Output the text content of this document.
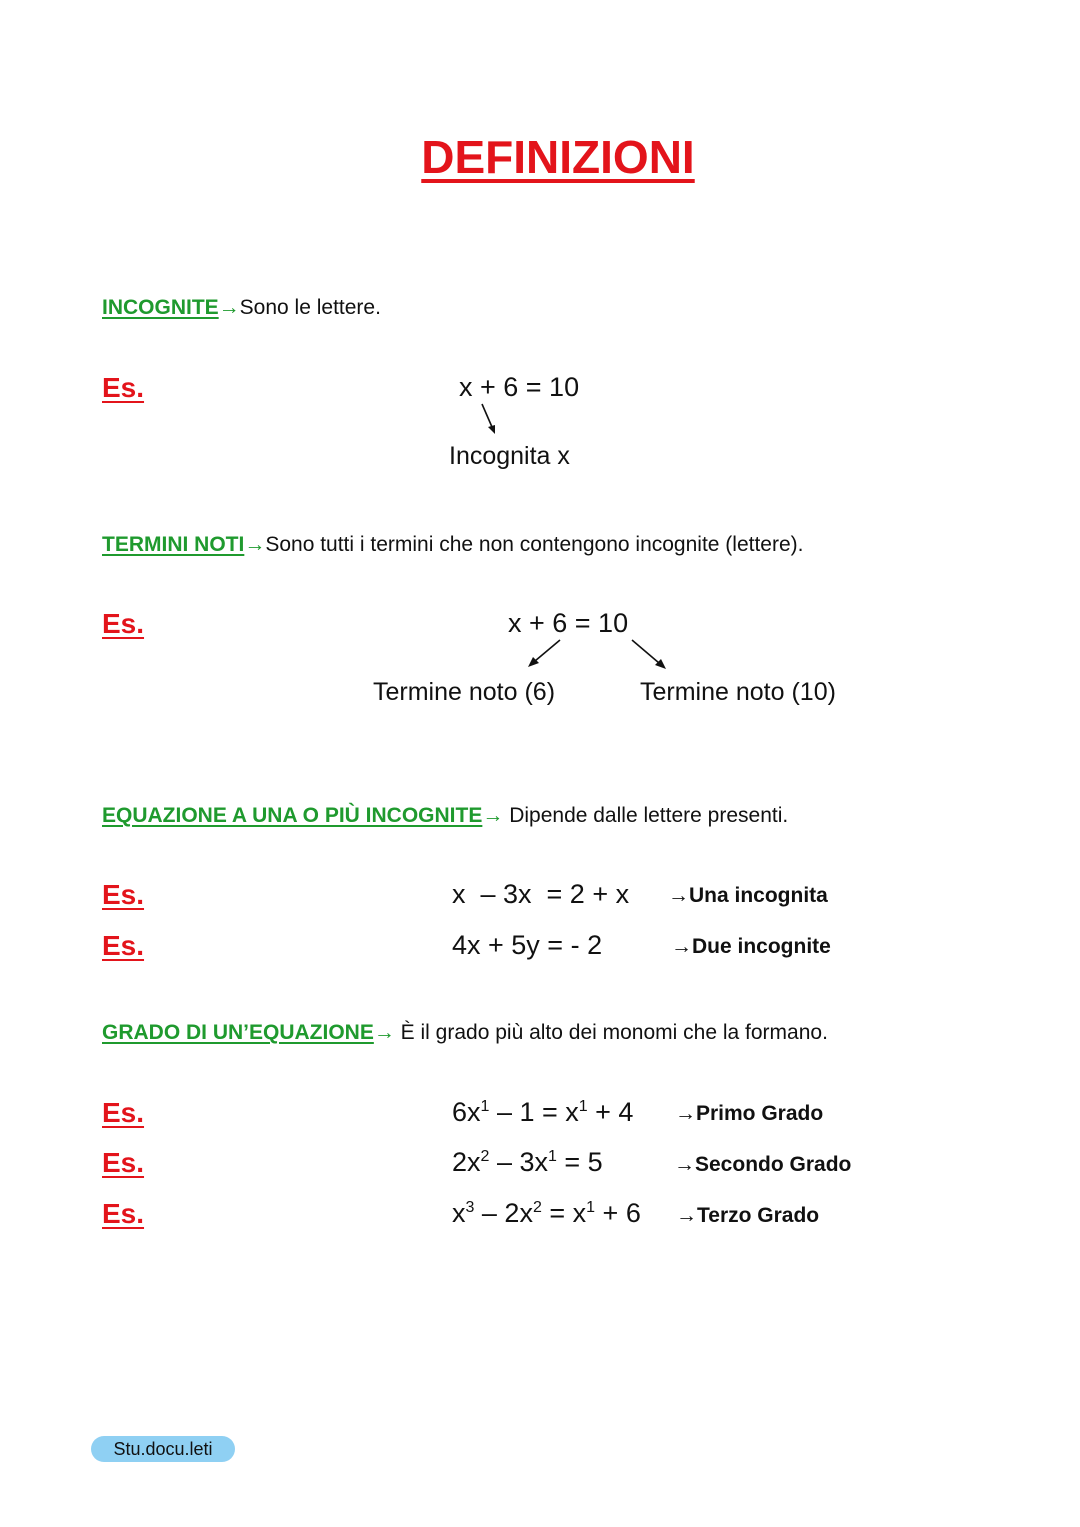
DEFINIZIONI
INCOGNITE→Sono le lettere.
Es.	x + 6 = 10
Incognita x
TERMINI NOTI→Sono tutti i termini che non contengono incognite (lettere).
Es.	x + 6 = 10
Termine noto (6)	Termine noto (10)
EQUAZIONE A UNA O PIÙ INCOGNITE→ Dipende dalle lettere presenti.
Es.	x  – 3x  = 2 + x →Una incognita
Es.	4x + 5y = - 2	→Due incognite
GRADO DI UN’EQUAZIONE→ È il grado più alto dei monomi che la formano.
Es.	$6x^1 - 1 = x^1 + 4$ →Primo Grado
Es.	$2x^2 - 3x^1 = 5$	→Secondo Grado
Es.	$x^3 - 2x^2 = x^1 + 6$ →Terzo Grado
Stu.docu.leti
